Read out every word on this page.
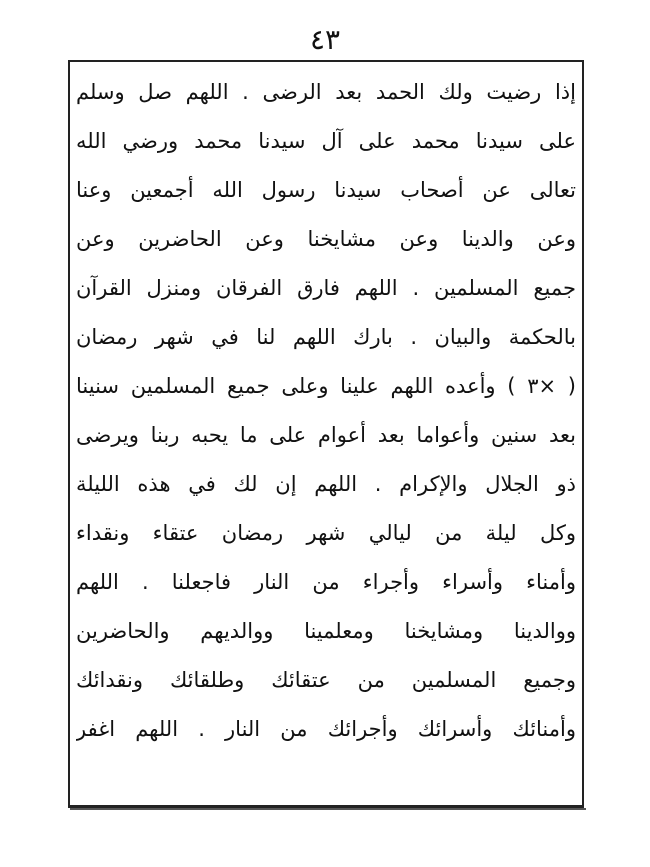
٤٣
إذا رضيت ولك الحمد بعد الرضى . اللهم صل وسلم
على سيدنا محمد على آل سيدنا محمد ورضي الله
تعالى عن أصحاب سيدنا رسول الله أجمعين وعنا
وعن والدينا وعن مشايخنا وعن الحاضرين وعن
جميع المسلمين . اللهم فارق الفرقان ومنزل القرآن
بالحكمة والبيان . بارك اللهم لنا في شهر رمضان
( ×٣ ) وأعده اللهم علينا وعلى جميع المسلمين سنينا
بعد سنين وأعواما بعد أعوام على ما يحبه ربنا ويرضى
ذو الجلال والإكرام . اللهم إن لك في هذه الليلة
وكل ليلة من ليالي شهر رمضان عتقاء ونقداء
وأمناء وأسراء وأجراء من النار فاجعلنا . اللهم
ووالدينا ومشايخنا ومعلمينا ووالديهم والحاضرين
وجميع المسلمين من عتقائك وطلقائك ونقدائك
وأمنائك وأسرائك وأجرائك من النار . اللهم اغفر
